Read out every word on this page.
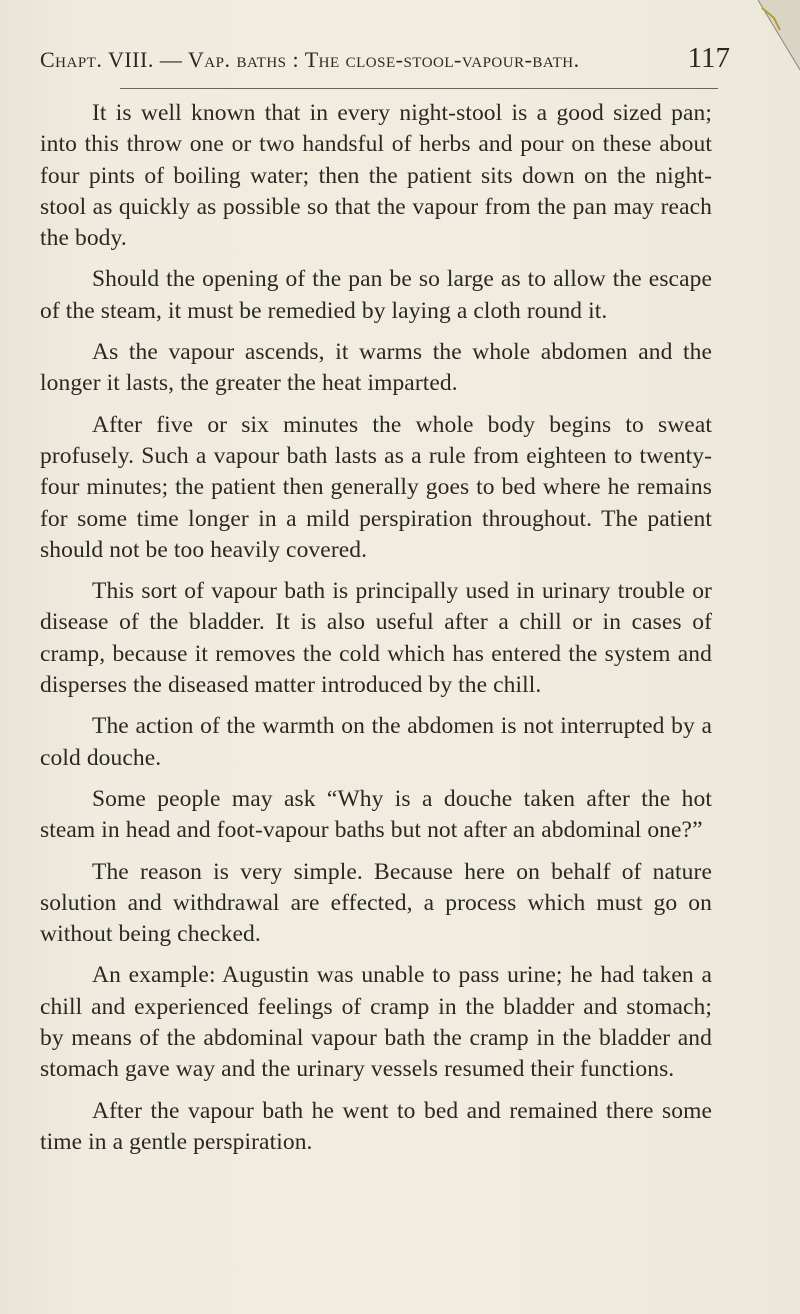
Chapt. VIII. — Vap. baths : The close-stool-vapour-bath.	117

It is well known that in every night-stool is a good sized pan; into this throw one or two handsful of herbs and pour on these about four pints of boiling water; then the patient sits down on the night-stool as quickly as possible so that the vapour from the pan may reach the body.

Should the opening of the pan be so large as to allow the escape of the steam, it must be remedied by laying a cloth round it.

As the vapour ascends, it warms the whole abdomen and the longer it lasts, the greater the heat imparted.

After five or six minutes the whole body begins to sweat profusely. Such a vapour bath lasts as a rule from eighteen to twenty-four minutes; the patient then generally goes to bed where he remains for some time longer in a mild perspiration throughout. The patient should not be too heavily covered.

This sort of vapour bath is principally used in urinary trouble or disease of the bladder. It is also useful after a chill or in cases of cramp, because it removes the cold which has entered the system and disperses the diseased matter introduced by the chill.

The action of the warmth on the abdomen is not interrupted by a cold douche.

Some people may ask “Why is a douche taken after the hot steam in head and foot-vapour baths but not after an abdominal one?”

The reason is very simple. Because here on behalf of nature solution and withdrawal are effected, a process which must go on without being checked.

An example: Augustin was unable to pass urine; he had taken a chill and experienced feelings of cramp in the bladder and stomach; by means of the abdominal vapour bath the cramp in the bladder and stomach gave way and the urinary vessels resumed their functions.

After the vapour bath he went to bed and remained there some time in a gentle perspiration.
